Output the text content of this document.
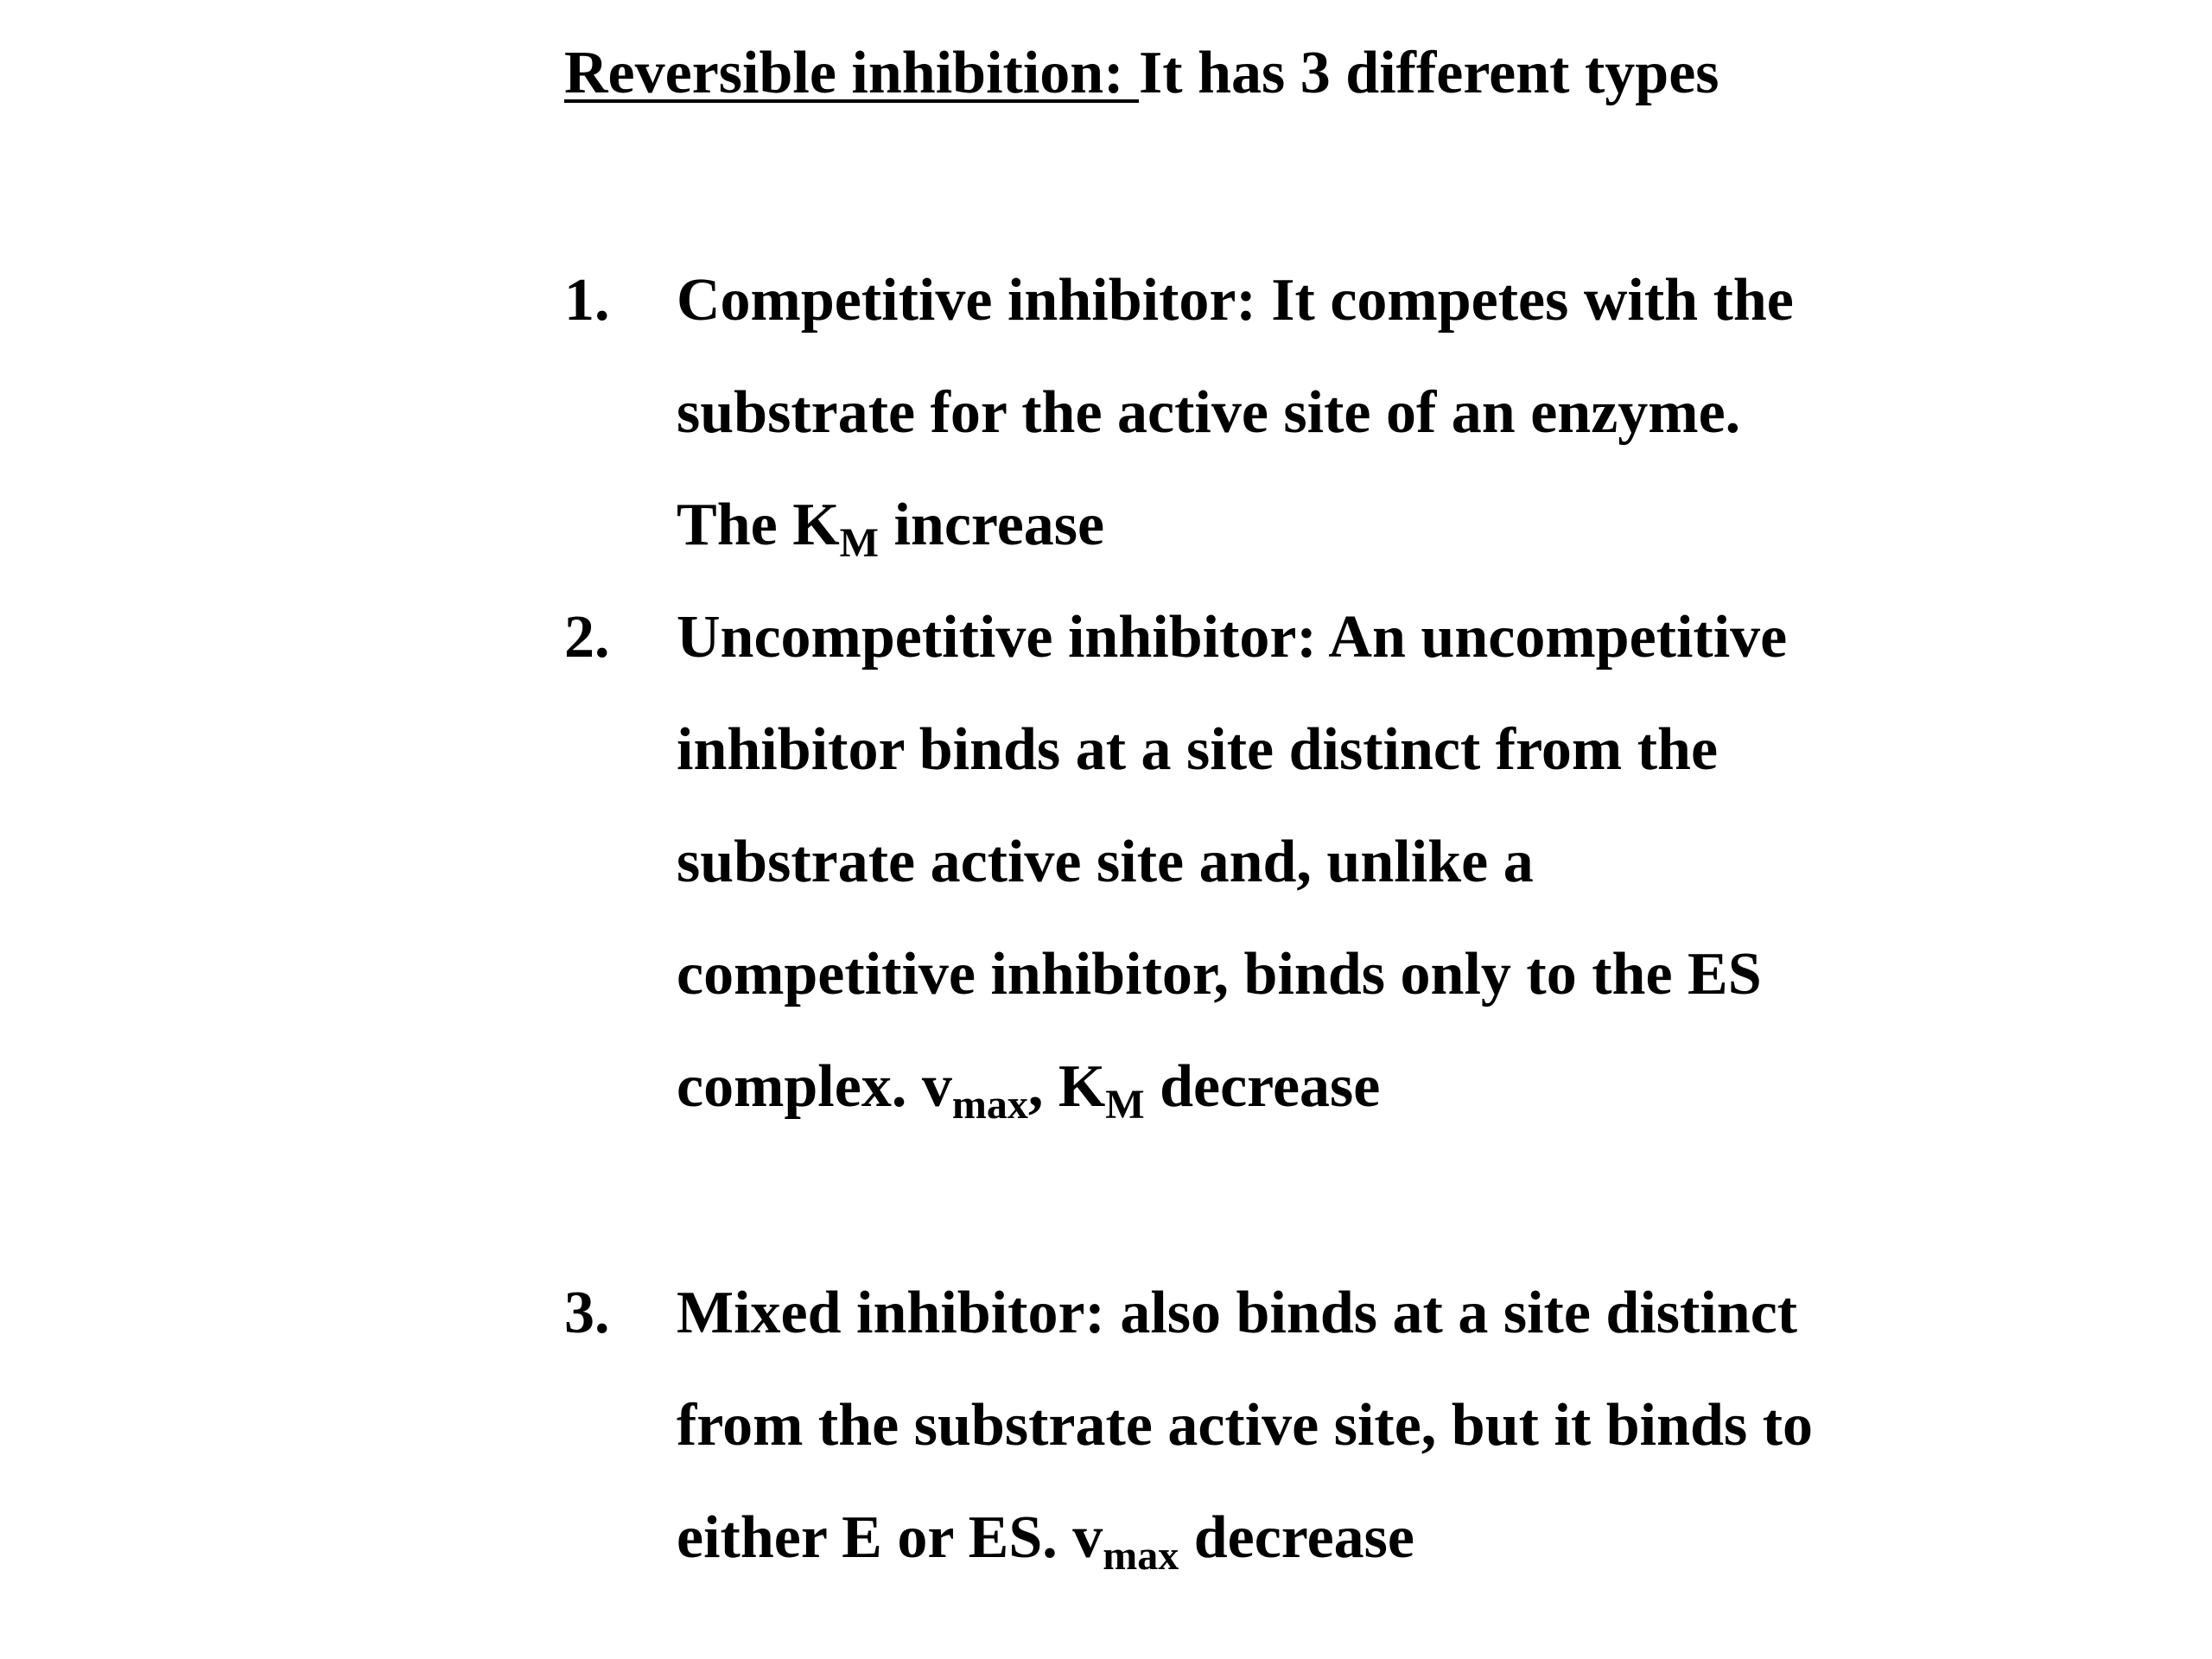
Reversible inhibition: It has 3 different types
1. Competitive inhibitor: It competes with the substrate for the active site of an enzyme. The $K_M$ increase
2. Uncompetitive inhibitor: An uncompetitive inhibitor binds at a site distinct from the substrate active site and, unlike a competitive inhibitor, binds only to the ES complex. $v_{max}$, $K_M$ decrease
3. Mixed inhibitor: also binds at a site distinct from the substrate active site, but it binds to either E or ES. $v_{max}$ decrease
